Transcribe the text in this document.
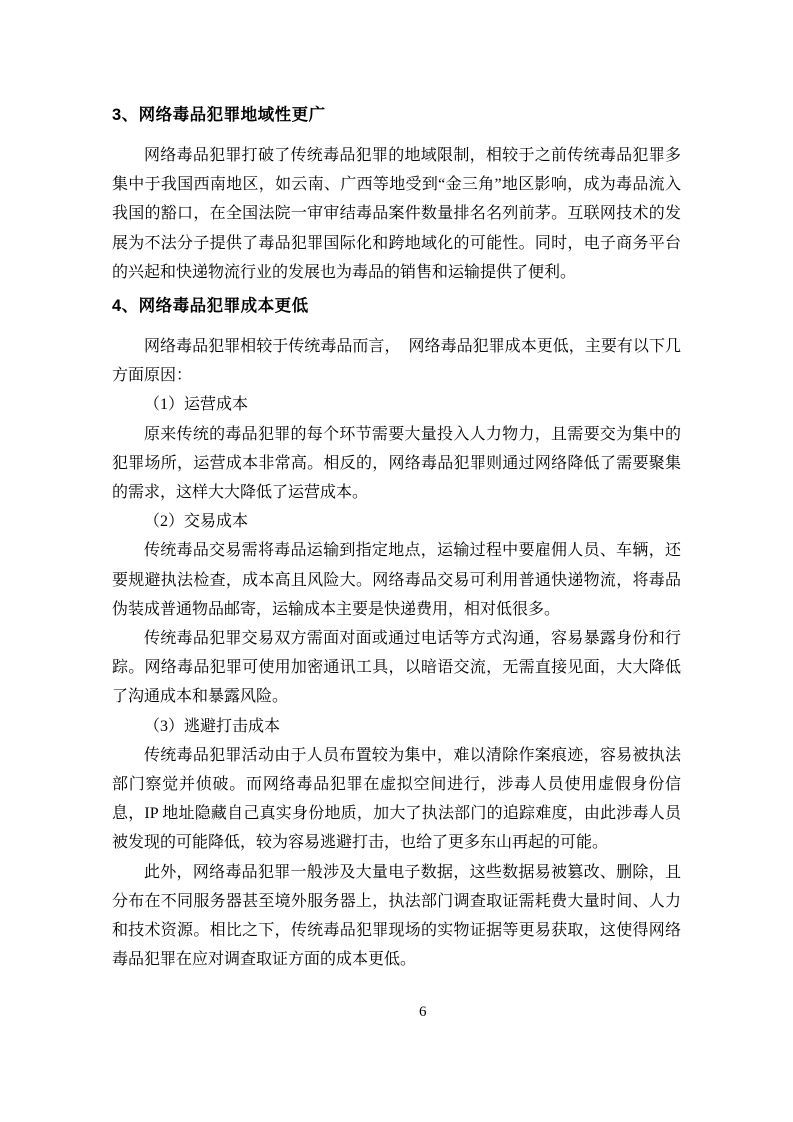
3、网络毒品犯罪地域性更广

网络毒品犯罪打破了传统毒品犯罪的地域限制，相较于之前传统毒品犯罪多集中于我国西南地区，如云南、广西等地受到“金三角”地区影响，成为毒品流入我国的豁口，在全国法院一审审结毒品案件数量排名名列前茅。互联网技术的发展为不法分子提供了毒品犯罪国际化和跨地域化的可能性。同时，电子商务平台的兴起和快递物流行业的发展也为毒品的销售和运输提供了便利。

4、网络毒品犯罪成本更低

网络毒品犯罪相较于传统毒品而言，　网络毒品犯罪成本更低，主要有以下几方面原因：

（1）运营成本

原来传统的毒品犯罪的每个环节需要大量投入人力物力，且需要交为集中的犯罪场所，运营成本非常高。相反的，网络毒品犯罪则通过网络降低了需要聚集的需求，这样大大降低了运营成本。

（2）交易成本

传统毒品交易需将毒品运输到指定地点，运输过程中要雇佣人员、车辆，还要规避执法检查，成本高且风险大。网络毒品交易可利用普通快递物流，将毒品伪装成普通物品邮寄，运输成本主要是快递费用，相对低很多。

传统毒品犯罪交易双方需面对面或通过电话等方式沟通，容易暴露身份和行踪。网络毒品犯罪可使用加密通讯工具，以暗语交流，无需直接见面，大大降低了沟通成本和暴露风险。

（3）逃避打击成本

传统毒品犯罪活动由于人员布置较为集中，难以清除作案痕迹，容易被执法部门察觉并侦破。而网络毒品犯罪在虚拟空间进行，涉毒人员使用虚假身份信息，IP 地址隐藏自己真实身份地质，加大了执法部门的追踪难度，由此涉毒人员被发现的可能降低，较为容易逃避打击，也给了更多东山再起的可能。

此外，网络毒品犯罪一般涉及大量电子数据，这些数据易被篡改、删除，且分布在不同服务器甚至境外服务器上，执法部门调查取证需耗费大量时间、人力和技术资源。相比之下，传统毒品犯罪现场的实物证据等更易获取，这使得网络毒品犯罪在应对调查取证方面的成本更低。

6
